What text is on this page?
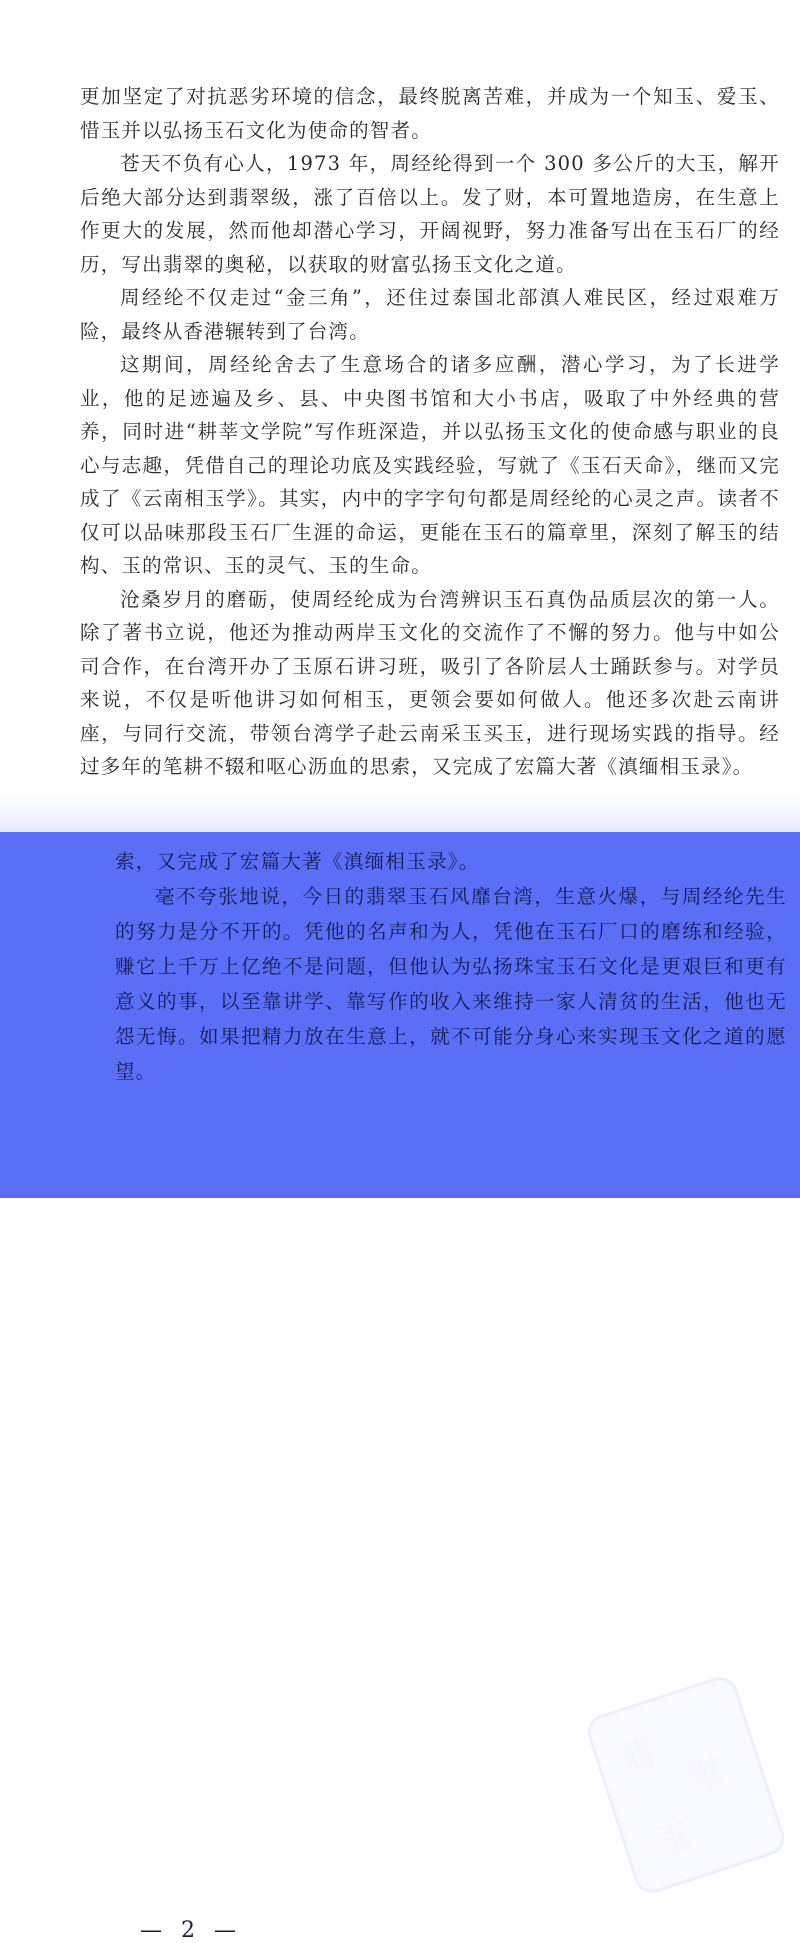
更加坚定了对抗恶劣环境的信念，最终脱离苦难，并成为一个知玉、爱玉、惜玉并以弘扬玉石文化为使命的智者。

苍天不负有心人，1973 年，周经纶得到一个 300 多公斤的大玉，解开后绝大部分达到翡翠级，涨了百倍以上。发了财，本可置地造房，在生意上作更大的发展，然而他却潜心学习，开阔视野，努力准备写出在玉石厂的经历，写出翡翠的奥秘，以获取的财富弘扬玉文化之道。

周经纶不仅走过“金三角”，还住过泰国北部滇人难民区，经过艰难万险，最终从香港辗转到了台湾。

这期间，周经纶舍去了生意场合的诸多应酬，潜心学习，为了长进学业，他的足迹遍及乡、县、中央图书馆和大小书店，吸取了中外经典的营养，同时进“耕莘文学院”写作班深造，并以弘扬玉文化的使命感与职业的良心与志趣，凭借自己的理论功底及实践经验，写就了《玉石天命》，继而又完成了《云南相玉学》。其实，内中的字字句句都是周经纶的心灵之声。读者不仅可以品味那段玉石厂生涯的命运，更能在玉石的篇章里，深刻了解玉的结构、玉的常识、玉的灵气、玉的生命。

沧桑岁月的磨砺，使周经纶成为台湾辨识玉石真伪品质层次的第一人。除了著书立说，他还为推动两岸玉文化的交流作了不懈的努力。他与中如公司合作，在台湾开办了玉原石讲习班，吸引了各阶层人士踊跃参与。对学员来说，不仅是听他讲习如何相玉，更领会要如何做人。他还多次赴云南讲座，与同行交流，带领台湾学子赴云南采玉买玉，进行现场实践的指导。经过多年的笔耕不辍和呕心沥血的思索，又完成了宏篇大著《滇缅相玉录》。

翡 翠
玉

索，又完成了宏篇大著《滇缅相玉录》。

毫不夸张地说，今日的翡翠玉石风靡台湾，生意火爆，与周经纶先生的努力是分不开的。凭他的名声和为人，凭他在玉石厂口的磨练和经验，赚它上千万上亿绝不是问题，但他认为弘扬珠宝玉石文化是更艰巨和更有意义的事，以至靠讲学、靠写作的收入来维持一家人清贫的生活，他也无怨无悔。如果把精力放在生意上，就不可能分身心来实现玉文化之道的愿望。

— 2 —
